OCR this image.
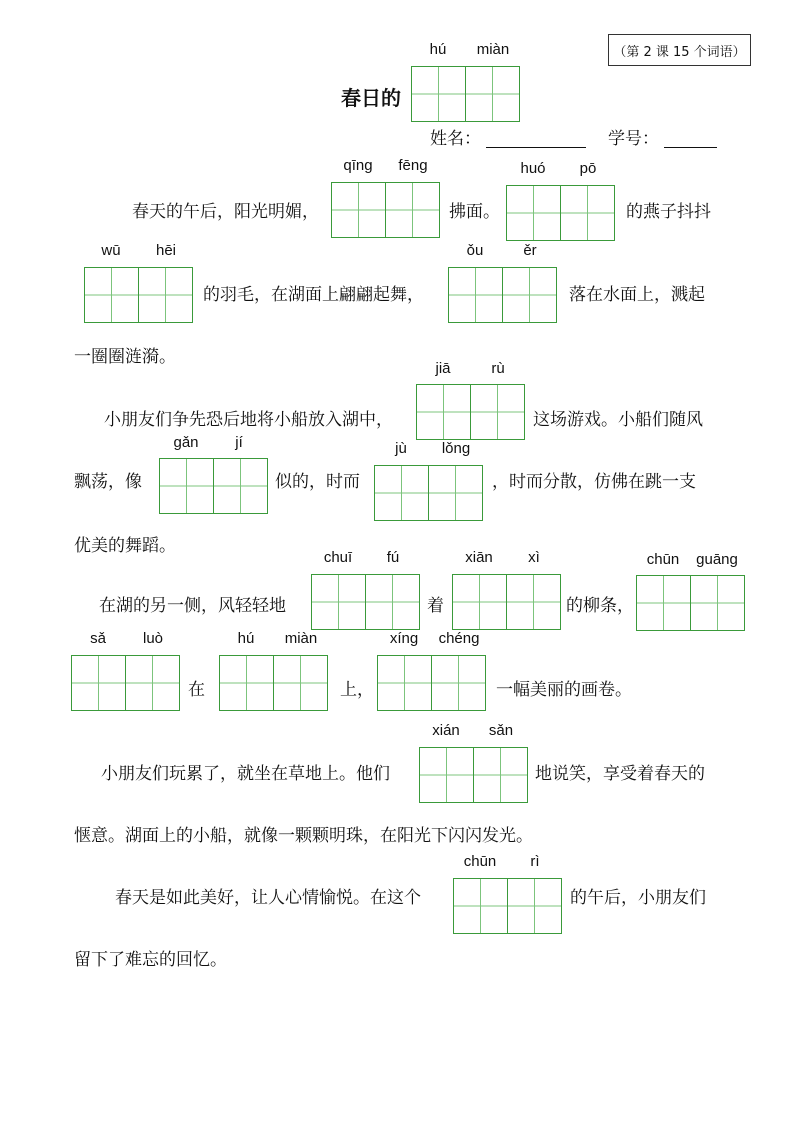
（第 2 课 15 个词语）
春日的
hú	miàn
姓名：	学号：
春天的午后，阳光明媚，
qīng	fēng
拂面。
huó	pō
的燕子抖抖
wū	hēi
的羽毛，在湖面上翩翩起舞，
ǒu	ěr
落在水面上，溅起
一圈圈涟漪。
小朋友们争先恐后地将小船放入湖中，
jiā	rù
这场游戏。小船们随风
飘荡，像
gǎn	jí
似的，时而
jù	lǒng
，时而分散，仿佛在跳一支
优美的舞蹈。
在湖的另一侧，风轻轻地
chuī	fú
着
xiān	xì
的柳条，
chūn	guāng
sǎ	luò
在
hú	miàn
上，
xíng	chéng
一幅美丽的画卷。
小朋友们玩累了，就坐在草地上。他们
xián	sǎn
地说笑，享受着春天的
惬意。湖面上的小船，就像一颗颗明珠，在阳光下闪闪发光。
春天是如此美好，让人心情愉悦。在这个
chūn	rì
的午后，小朋友们
留下了难忘的回忆。
